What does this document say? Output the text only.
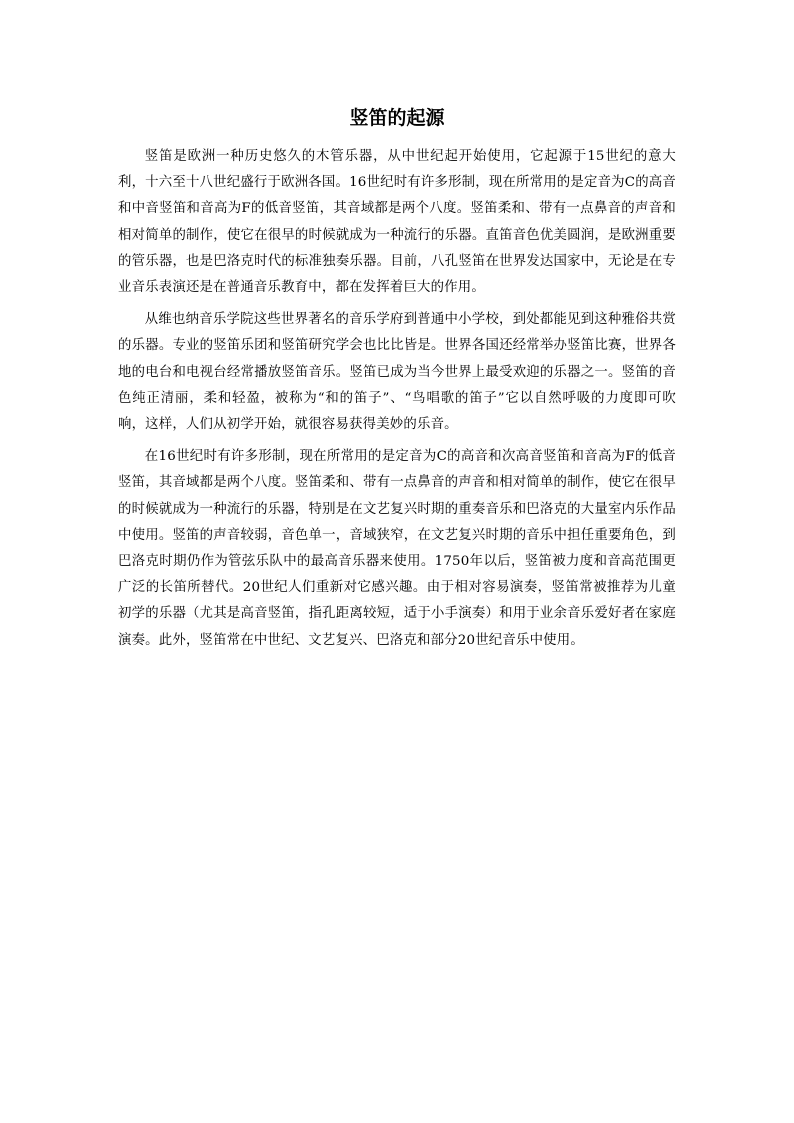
竖笛的起源

竖笛是欧洲一种历史悠久的木管乐器，从中世纪起开始使用，它起源于15世纪的意大利，十六至十八世纪盛行于欧洲各国。16世纪时有许多形制，现在所常用的是定音为C的高音和中音竖笛和音高为F的低音竖笛，其音域都是两个八度。竖笛柔和、带有一点鼻音的声音和相对简单的制作，使它在很早的时候就成为一种流行的乐器。直笛音色优美圆润，是欧洲重要的管乐器，也是巴洛克时代的标准独奏乐器。目前，八孔竖笛在世界发达国家中，无论是在专业音乐表演还是在普通音乐教育中，都在发挥着巨大的作用。

从维也纳音乐学院这些世界著名的音乐学府到普通中小学校，到处都能见到这种雅俗共赏的乐器。专业的竖笛乐团和竖笛研究学会也比比皆是。世界各国还经常举办竖笛比赛，世界各地的电台和电视台经常播放竖笛音乐。竖笛已成为当今世界上最受欢迎的乐器之一。竖笛的音色纯正清丽，柔和轻盈，被称为“和的笛子”、“鸟唱歌的笛子”它以自然呼吸的力度即可吹响，这样，人们从初学开始，就很容易获得美妙的乐音。

在16世纪时有许多形制，现在所常用的是定音为C的高音和次高音竖笛和音高为F的低音竖笛，其音域都是两个八度。竖笛柔和、带有一点鼻音的声音和相对简单的制作，使它在很早的时候就成为一种流行的乐器，特别是在文艺复兴时期的重奏音乐和巴洛克的大量室内乐作品中使用。竖笛的声音较弱，音色单一，音域狭窄，在文艺复兴时期的音乐中担任重要角色，到巴洛克时期仍作为管弦乐队中的最高音乐器来使用。1750年以后，竖笛被力度和音高范围更广泛的长笛所替代。20世纪人们重新对它感兴趣。由于相对容易演奏，竖笛常被推荐为儿童初学的乐器（尤其是高音竖笛，指孔距离较短，适于小手演奏）和用于业余音乐爱好者在家庭演奏。此外，竖笛常在中世纪、文艺复兴、巴洛克和部分20世纪音乐中使用。
